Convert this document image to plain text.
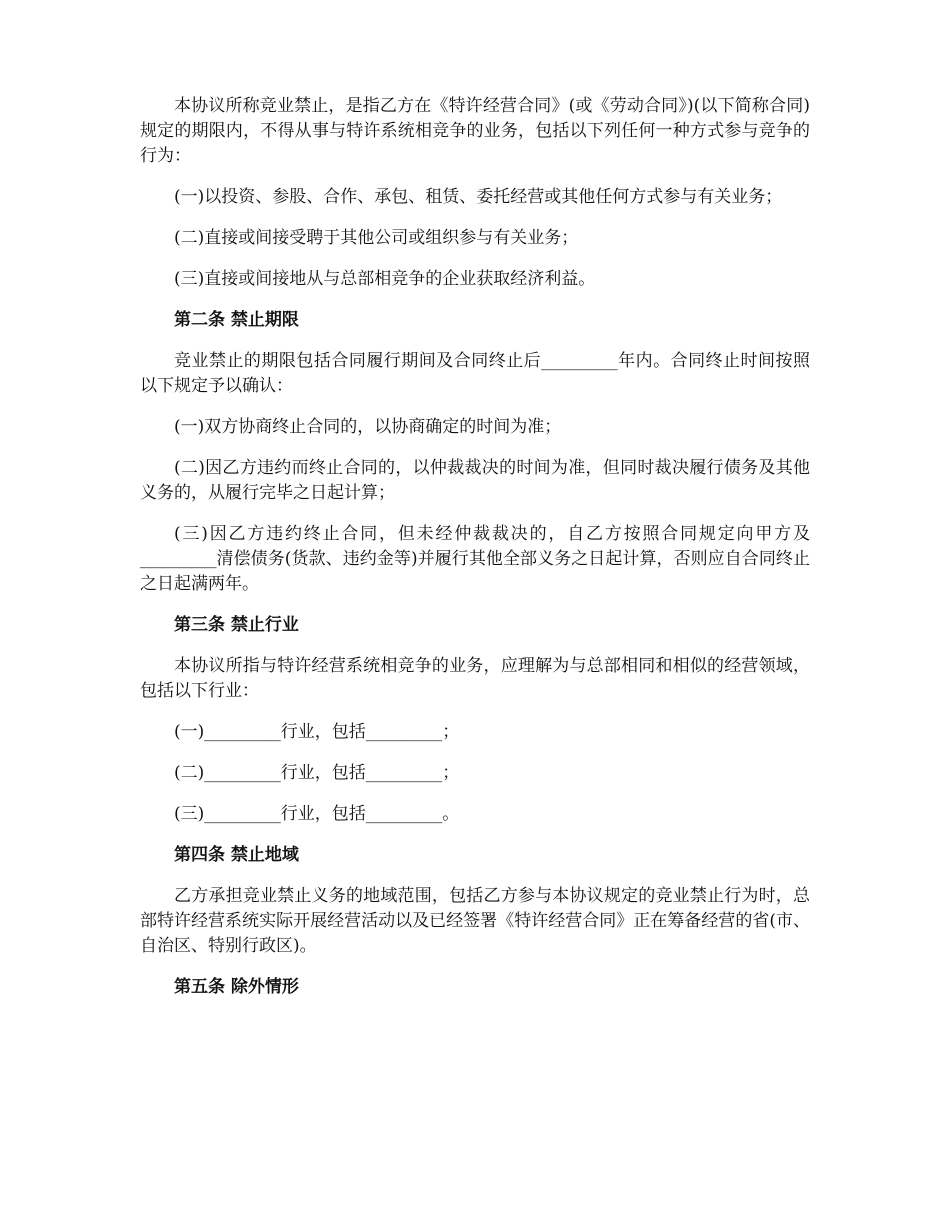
本协议所称竞业禁止，是指乙方在《特许经营合同》(或《劳动合同》)(以下简称合同)规定的期限内，不得从事与特许系统相竞争的业务，包括以下列任何一种方式参与竞争的行为：

(一)以投资、参股、合作、承包、租赁、委托经营或其他任何方式参与有关业务；

(二)直接或间接受聘于其他公司或组织参与有关业务；

(三)直接或间接地从与总部相竞争的企业获取经济利益。

第二条 禁止期限

竞业禁止的期限包括合同履行期间及合同终止后_________年内。合同终止时间按照以下规定予以确认：

(一)双方协商终止合同的，以协商确定的时间为准；

(二)因乙方违约而终止合同的，以仲裁裁决的时间为准，但同时裁决履行债务及其他义务的，从履行完毕之日起计算；

(三)因乙方违约终止合同，但未经仲裁裁决的，自乙方按照合同规定向甲方及_________清偿债务(货款、违约金等)并履行其他全部义务之日起计算，否则应自合同终止之日起满两年。

第三条 禁止行业

本协议所指与特许经营系统相竞争的业务，应理解为与总部相同和相似的经营领域，包括以下行业：

(一)_________行业，包括_________；

(二)_________行业，包括_________；

(三)_________行业，包括_________。

第四条 禁止地域

乙方承担竞业禁止义务的地域范围，包括乙方参与本协议规定的竞业禁止行为时，总部特许经营系统实际开展经营活动以及已经签署《特许经营合同》正在筹备经营的省(市、自治区、特别行政区)。

第五条 除外情形
